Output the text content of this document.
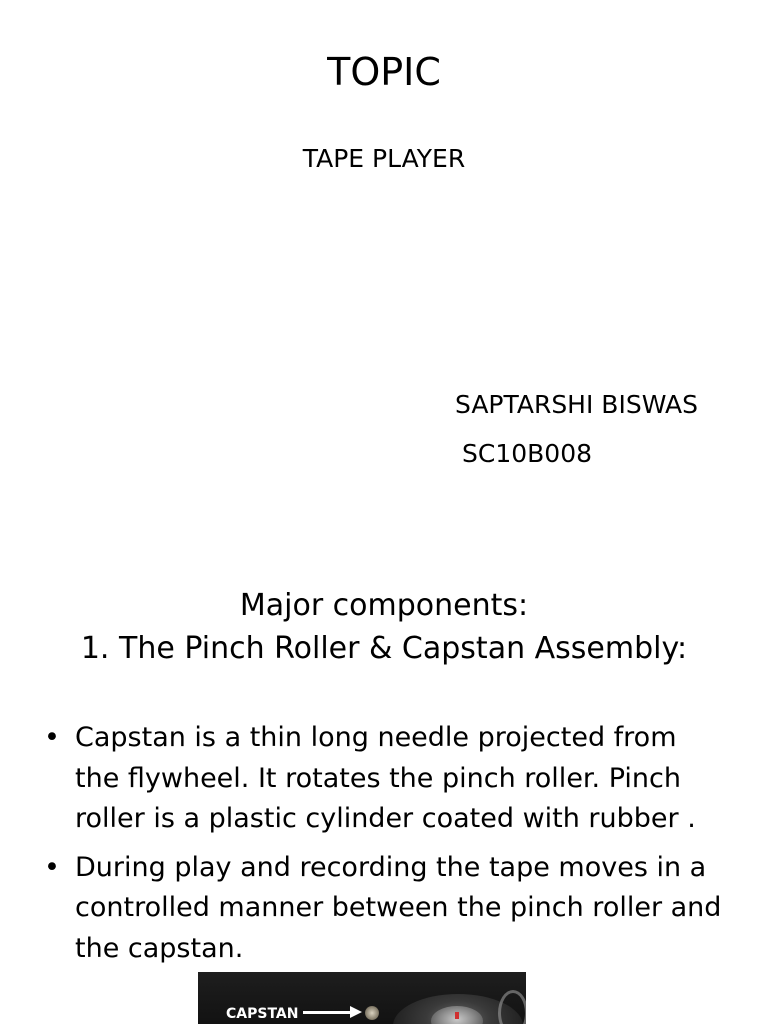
TOPIC
TAPE PLAYER
SAPTARSHI BISWAS
SC10B008
Major components:
1. The Pinch Roller & Capstan Assembly:
• Capstan is a thin long needle projected from the flywheel. It rotates the pinch roller. Pinch roller is a plastic cylinder coated with rubber .
• During play and recording the tape moves in a controlled manner between the pinch roller and the capstan.
CAPSTAN
